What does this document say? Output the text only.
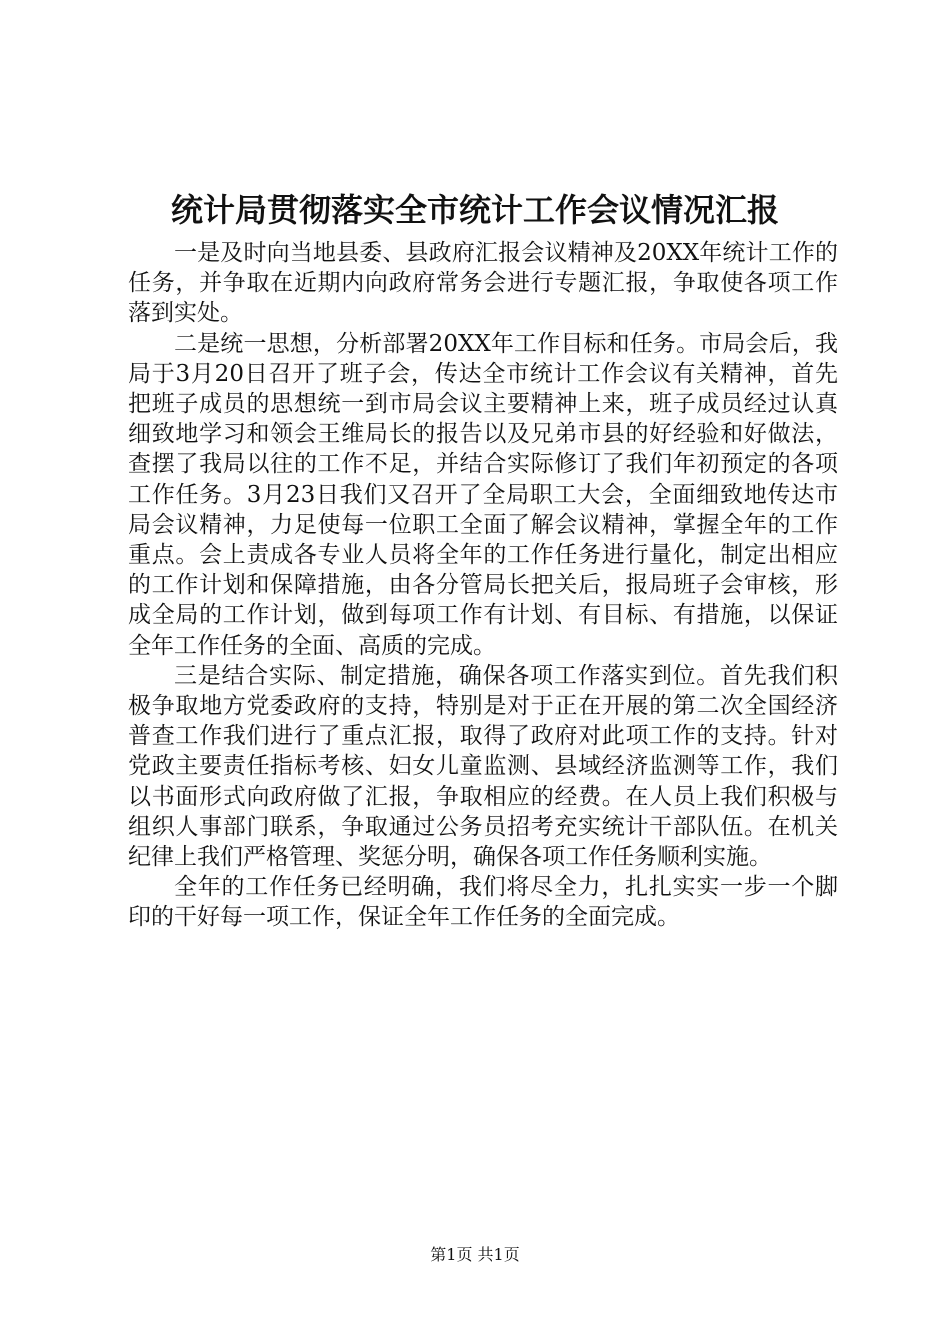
统计局贯彻落实全市统计工作会议情况汇报

一是及时向当地县委、县政府汇报会议精神及20XX年统计工作的任务，并争取在近期内向政府常务会进行专题汇报，争取使各项工作落到实处。

二是统一思想，分析部署20XX年工作目标和任务。市局会后，我局于3月20日召开了班子会，传达全市统计工作会议有关精神，首先把班子成员的思想统一到市局会议主要精神上来，班子成员经过认真细致地学习和领会王维局长的报告以及兄弟市县的好经验和好做法，查摆了我局以往的工作不足，并结合实际修订了我们年初预定的各项工作任务。3月23日我们又召开了全局职工大会，全面细致地传达市局会议精神，力足使每一位职工全面了解会议精神，掌握全年的工作重点。会上责成各专业人员将全年的工作任务进行量化，制定出相应的工作计划和保障措施，由各分管局长把关后，报局班子会审核，形成全局的工作计划，做到每项工作有计划、有目标、有措施，以保证全年工作任务的全面、高质的完成。

三是结合实际、制定措施，确保各项工作落实到位。首先我们积极争取地方党委政府的支持，特别是对于正在开展的第二次全国经济普查工作我们进行了重点汇报，取得了政府对此项工作的支持。针对党政主要责任指标考核、妇女儿童监测、县域经济监测等工作，我们以书面形式向政府做了汇报，争取相应的经费。在人员上我们积极与组织人事部门联系，争取通过公务员招考充实统计干部队伍。在机关纪律上我们严格管理、奖惩分明，确保各项工作任务顺利实施。

全年的工作任务已经明确，我们将尽全力，扎扎实实一步一个脚印的干好每一项工作，保证全年工作任务的全面完成。

第1页 共1页
